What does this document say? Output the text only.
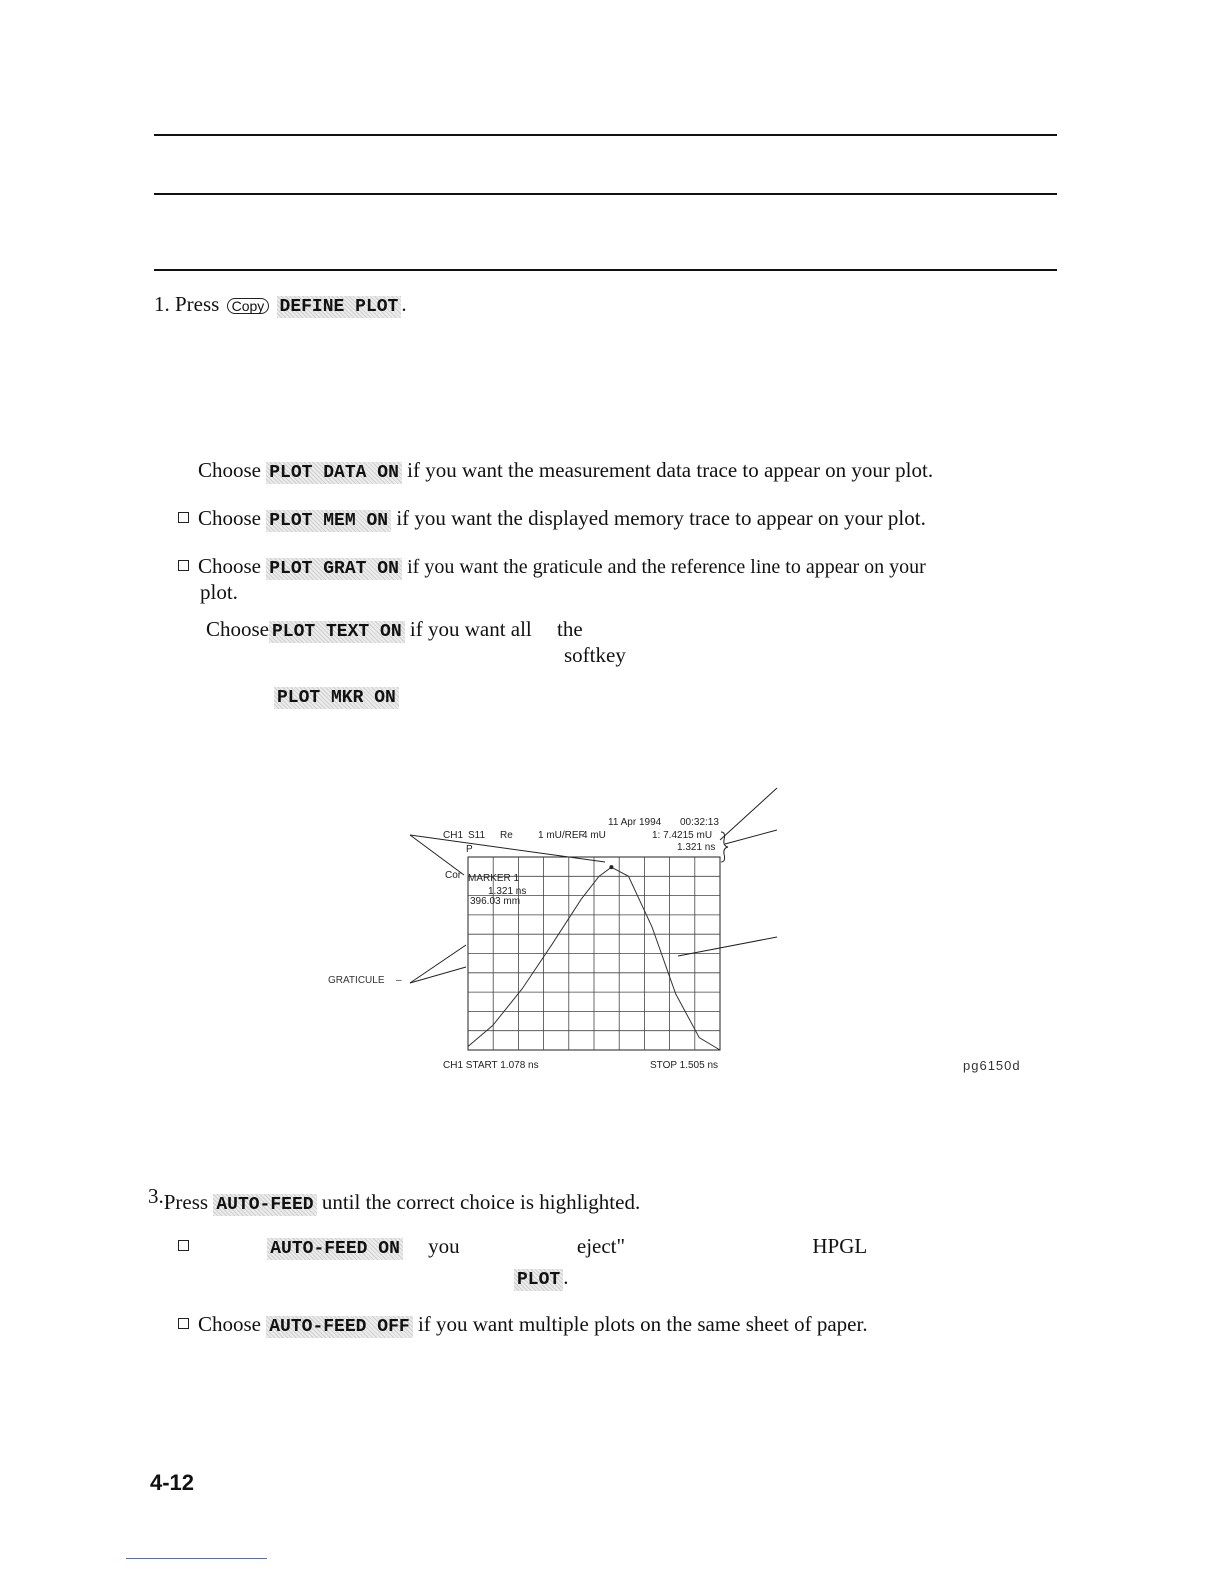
1. Press Copy DEFINE PLOT .
Choose PLOT DATA ON if you want the measurement data trace to appear on your plot.
Choose PLOT MEM ON if you want the displayed memory trace to appear on your plot.
Choose PLOT GRAT ON if you want the graticule and the reference line to appear on your
plot.
Choose PLOT TEXT ON if you want all the
softkey
PLOT MKR ON
11 Apr 1994 00:32:13
CH1 S11 Re	1 mU/REF
4 mU	1: 7.4215 mU
1.321 ns
P
Cor MARKER 1
1.321 ns
396.03 mm
GRATICULE –
CH1 START 1.078 ns	STOP 1.505 ns	pg6150d
3.Press AUTO-FEED until the correct choice is highlighted.
AUTO-FEED ON you	eject"	HPGL
PLOT .
Choose AUTO-FEED OFF if you want multiple plots on the same sheet of paper.
4-12
